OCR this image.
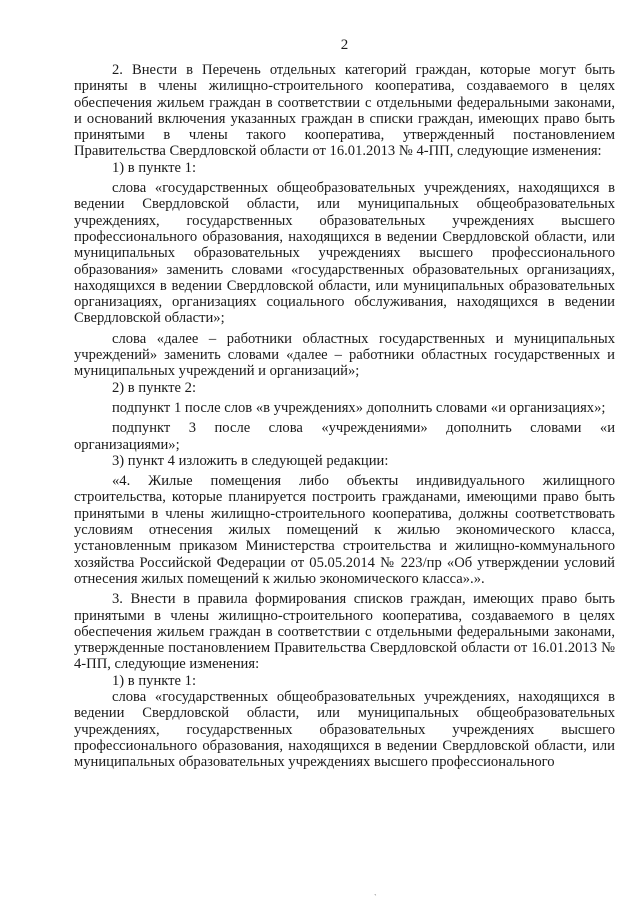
2

2. Внести в Перечень отдельных категорий граждан, которые могут быть приняты в члены жилищно-строительного кооператива, создаваемого в целях обеспечения жильем граждан в соответствии с отдельными федеральными законами, и оснований включения указанных граждан в списки граждан, имеющих право быть принятыми в члены такого кооператива, утвержденный постановлением Правительства Свердловской области от 16.01.2013 № 4-ПП, следующие изменения:

1) в пункте 1:

слова «государственных общеобразовательных учреждениях, находящихся в ведении Свердловской области, или муниципальных общеобразовательных учреждениях, государственных образовательных учреждениях высшего профессионального образования, находящихся в ведении Свердловской области, или муниципальных образовательных учреждениях высшего профессионального образования» заменить словами «государственных образовательных организациях, находящихся в ведении Свердловской области, или муниципальных образовательных организациях, организациях социального обслуживания, находящихся в ведении Свердловской области»;

слова «далее – работники областных государственных и муниципальных учреждений» заменить словами «далее – работники областных государственных и муниципальных учреждений и организаций»;

2) в пункте 2:

подпункт 1 после слов «в учреждениях» дополнить словами «и организациях»;

подпункт 3 после слова «учреждениями» дополнить словами «и организациями»;

3) пункт 4 изложить в следующей редакции:

«4. Жилые помещения либо объекты индивидуального жилищного строительства, которые планируется построить гражданами, имеющими право быть принятыми в члены жилищно-строительного кооператива, должны соответствовать условиям отнесения жилых помещений к жилью экономического класса, установленным приказом Министерства строительства и жилищно-коммунального хозяйства Российской Федерации от 05.05.2014 № 223/пр «Об утверждении условий отнесения жилых помещений к жилью экономического класса».».

3. Внести в правила формирования списков граждан, имеющих право быть принятыми в члены жилищно-строительного кооператива, создаваемого в целях обеспечения жильем граждан в соответствии с отдельными федеральными законами, утвержденные постановлением Правительства Свердловской области от 16.01.2013 № 4-ПП, следующие изменения:

1) в пункте 1:

слова «государственных общеобразовательных учреждениях, находящихся в ведении Свердловской области, или муниципальных общеобразовательных учреждениях, государственных образовательных учреждениях высшего профессионального образования, находящихся в ведении Свердловской области, или муниципальных образовательных учреждениях высшего профессионального

ˋ
